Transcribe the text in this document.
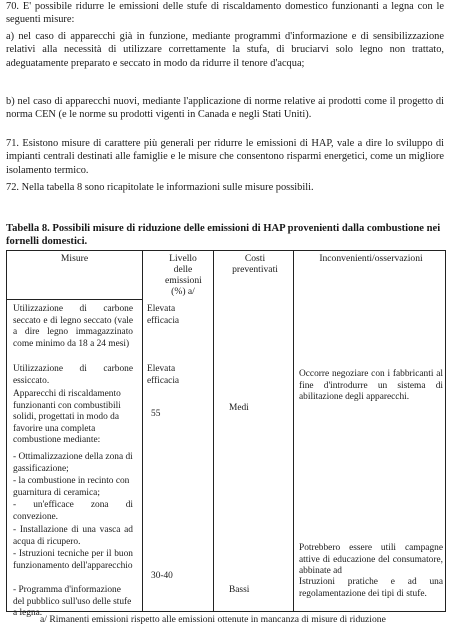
70. E' possibile ridurre le emissioni delle stufe di riscaldamento domestico funzionanti a legna con le seguenti misure:
a) nel caso di apparecchi già in funzione, mediante programmi d'informazione e di sensibilizzazione relativi alla necessità di utilizzare correttamente la stufa, di bruciarvi solo legno non trattato, adeguatamente preparato e seccato in modo da ridurre il tenore d'acqua;
b) nel caso di apparecchi nuovi, mediante l'applicazione di norme relative ai prodotti come il progetto di norma CEN (e le norme su prodotti vigenti in Canada e negli Stati Uniti).
71. Esistono misure di carattere più generali per ridurre le emissioni di HAP, vale a dire lo sviluppo di impianti centrali destinati alle famiglie e le misure che consentono risparmi energetici, come un migliore isolamento termico.
72. Nella tabella 8 sono ricapitolate le informazioni sulle misure possibili.
Tabella 8. Possibili misure di riduzione delle emissioni di HAP provenienti dalla combustione nei fornelli domestici.
Misure	Livello delle emissioni (%) a/
Costi preventivati
Inconvenienti/osservazioni
Utilizzazione di carbone seccato e di legno seccato (vale a dire legno immagazzinato come minimo da 18 a 24 mesi)
Utilizzazione di carbone essiccato.
Apparecchi di riscaldamento funzionanti con combustibili solidi, progettati in modo da favorire una completa combustione mediante:
- Ottimalizzazione della zona di gassificazione;
- la combustione in recinto con guarnitura di ceramica;
- un'efficace zona di convezione.
- Installazione di una vasca ad acqua di ricupero.
- Istruzioni tecniche per il buon funzionamento dell'apparecchio
- Programma d'informazione del pubblico sull'uso delle stufe a legna.
Elevata efficacia
Elevata efficacia
55
30-40
Medi
Bassi
Occorre negoziare con i fabbricanti al fine d'introdurre un sistema di abilitazione degli apparecchi.
Potrebbero essere utili campagne attive di educazione del consumatore, abbinate ad
Istruzioni pratiche e ad una regolamentazione dei tipi di stufe.
a/ Rimanenti emissioni rispetto alle emissioni ottenute in mancanza di misure di riduzione
